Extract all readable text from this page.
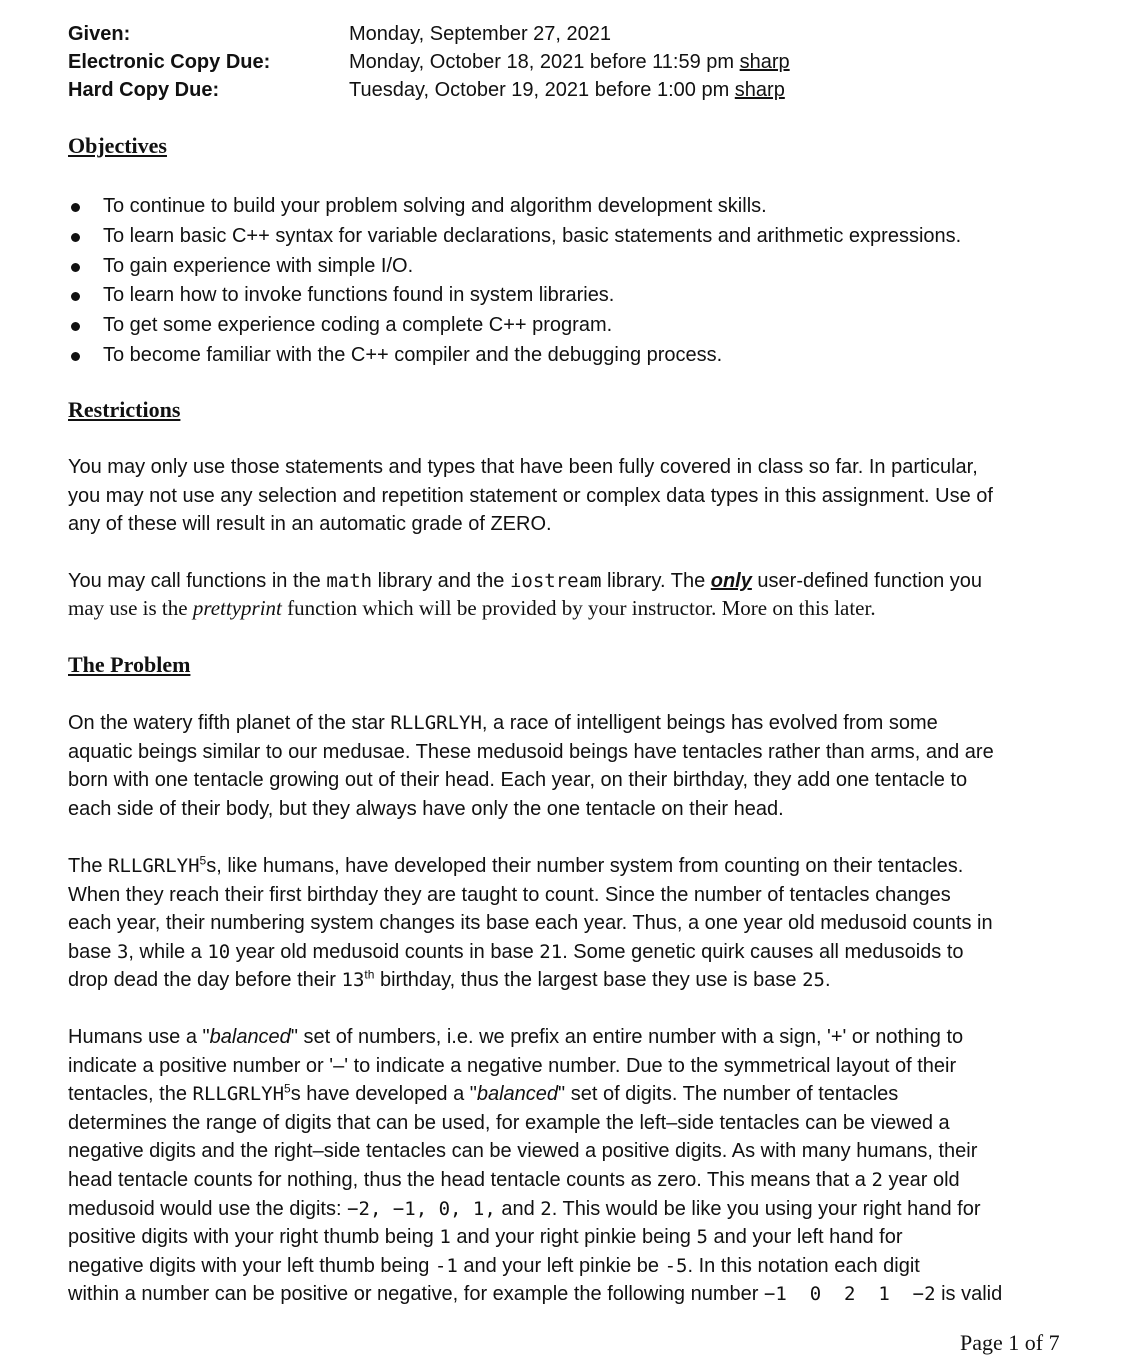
Given:	Monday, September 27, 2021
Electronic Copy Due:	Monday, October 18, 2021 before 11:59 pm sharp
Hard Copy Due:	Tuesday, October 19, 2021 before 1:00 pm sharp
Objectives
To continue to build your problem solving and algorithm development skills.
To learn basic C++ syntax for variable declarations, basic statements and arithmetic expressions.
To gain experience with simple I/O.
To learn how to invoke functions found in system libraries.
To get some experience coding a complete C++ program.
To become familiar with the C++ compiler and the debugging process.
Restrictions

You may only use those statements and types that have been fully covered in class so far. In particular,
you may not use any selection and repetition statement or complex data types in this assignment. Use of
any of these will result in an automatic grade of ZERO.

You may call functions in the math library and the iostream library. The only user-defined function you
may use is the prettyprint function which will be provided by your instructor. More on this later.

The Problem

On the watery fifth planet of the star RLLGRLYH, a race of intelligent beings has evolved from some
aquatic beings similar to our medusae. These medusoid beings have tentacles rather than arms, and are
born with one tentacle growing out of their head. Each year, on their birthday, they add one tentacle to
each side of their body, but they always have only the one tentacle on their head.

The RLLGRLYH$^5$s, like humans, have developed their number system from counting on their tentacles.
When they reach their first birthday they are taught to count. Since the number of tentacles changes
each year, their numbering system changes its base each year. Thus, a one year old medusoid counts in
base 3, while a 10 year old medusoid counts in base 21. Some genetic quirk causes all medusoids to
drop dead the day before their 13th birthday, thus the largest base they use is base 25.

Humans use a "balanced" set of numbers, i.e. we prefix an entire number with a sign, '+' or nothing to
indicate a positive number or '–' to indicate a negative number. Due to the symmetrical layout of their
tentacles, the RLLGRLYH$^5$s have developed a "balanced" set of digits. The number of tentacles
determines the range of digits that can be used, for example the left–side tentacles can be viewed a
negative digits and the right–side tentacles can be viewed a positive digits. As with many humans, their
head tentacle counts for nothing, thus the head tentacle counts as zero. This means that a 2 year old
medusoid would use the digits: −2, −1, 0, 1, and 2. This would be like you using your right hand for
positive digits with your right thumb being 1 and your right pinkie being 5 and your left hand for
negative digits with your left thumb being -1 and your left pinkie be -5. In this notation each digit
within a number can be positive or negative, for example the following number −1  0  2  1  −2 is valid

Page 1 of 7
